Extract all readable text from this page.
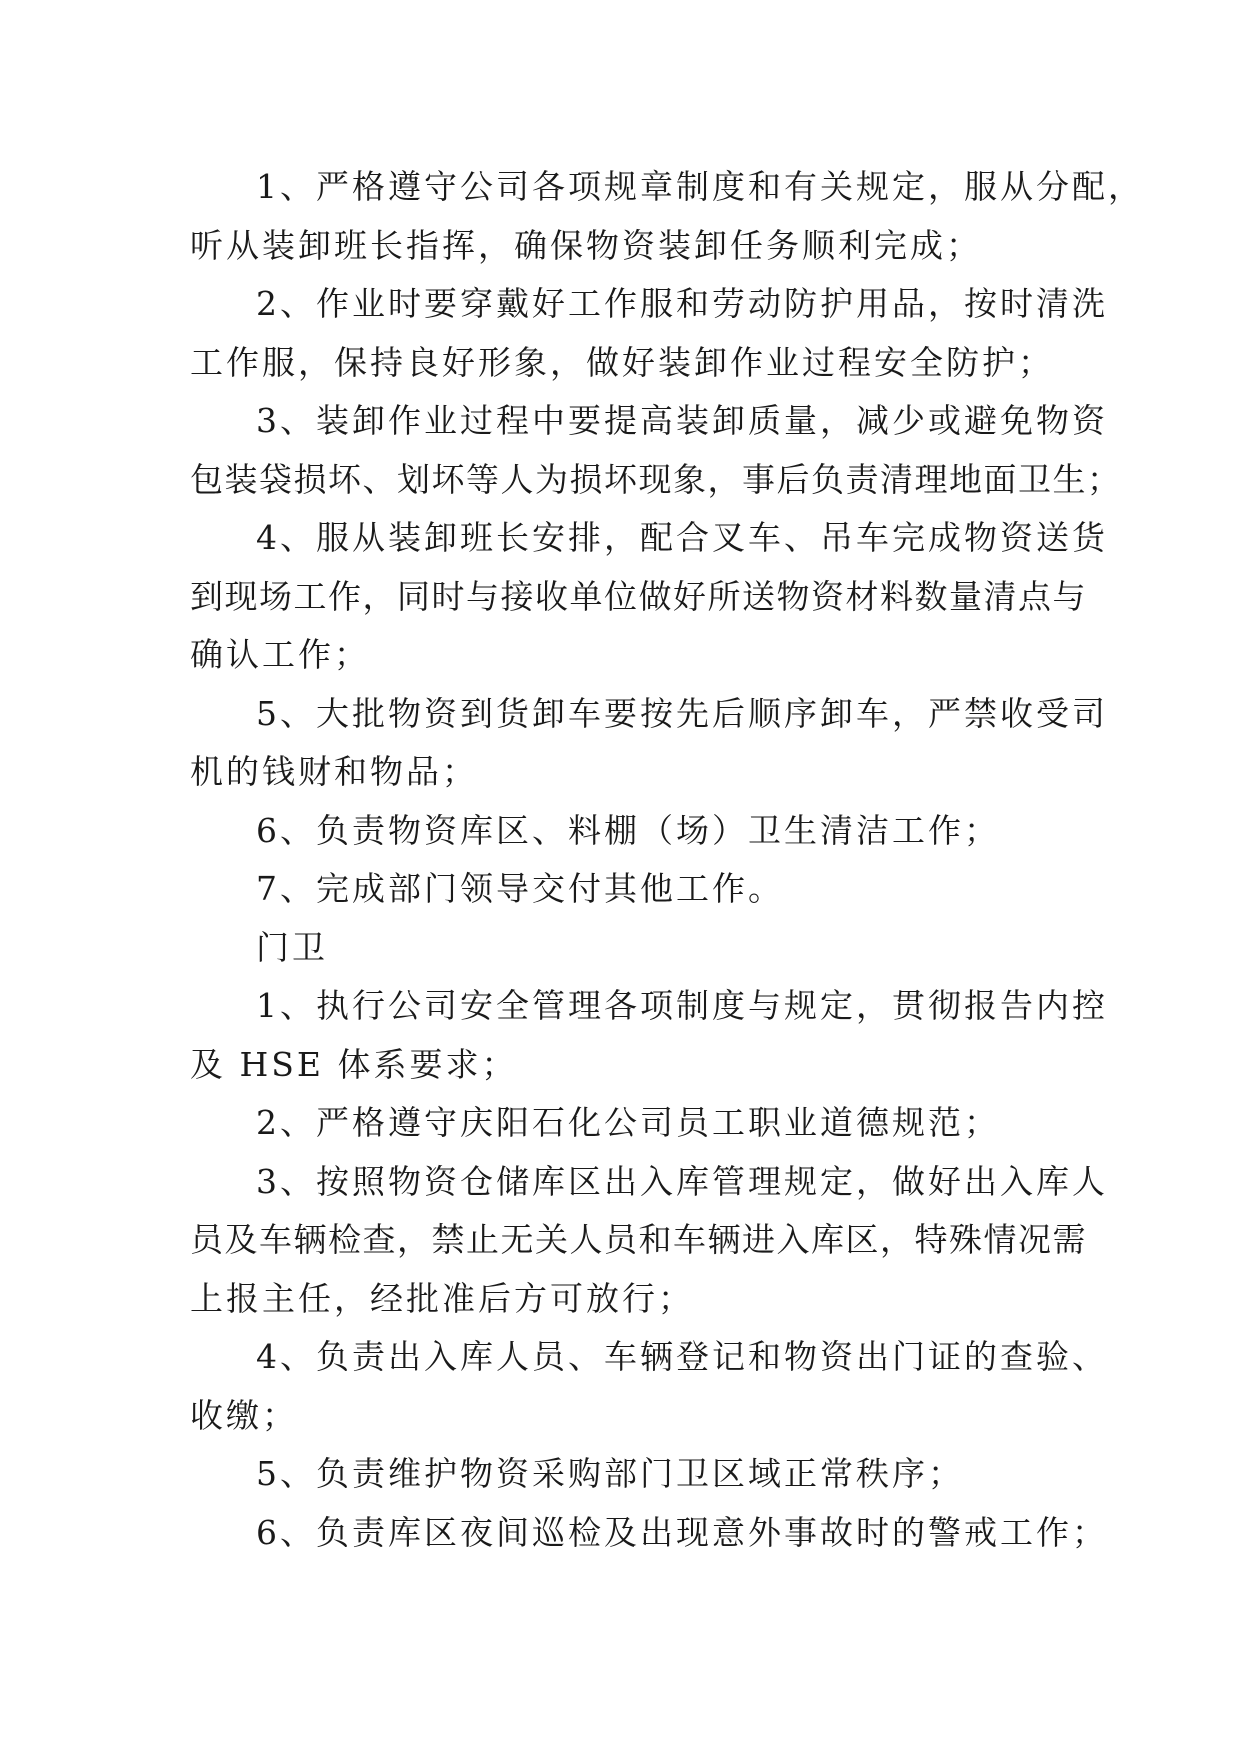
1、严格遵守公司各项规章制度和有关规定，服从分配，
听从装卸班长指挥，确保物资装卸任务顺利完成；
2、作业时要穿戴好工作服和劳动防护用品，按时清洗
工作服，保持良好形象，做好装卸作业过程安全防护；
3、装卸作业过程中要提高装卸质量，减少或避免物资
包装袋损坏、划坏等人为损坏现象，事后负责清理地面卫生；
4、服从装卸班长安排，配合叉车、吊车完成物资送货
到现场工作，同时与接收单位做好所送物资材料数量清点与
确认工作；
5、大批物资到货卸车要按先后顺序卸车，严禁收受司
机的钱财和物品；
6、负责物资库区、料棚（场）卫生清洁工作；
7、完成部门领导交付其他工作。
门卫
1、执行公司安全管理各项制度与规定，贯彻报告内控
及 HSE 体系要求；
2、严格遵守庆阳石化公司员工职业道德规范；
3、按照物资仓储库区出入库管理规定，做好出入库人
员及车辆检查，禁止无关人员和车辆进入库区，特殊情况需
上报主任，经批准后方可放行；
4、负责出入库人员、车辆登记和物资出门证的查验、
收缴；
5、负责维护物资采购部门卫区域正常秩序；
6、负责库区夜间巡检及出现意外事故时的警戒工作；
